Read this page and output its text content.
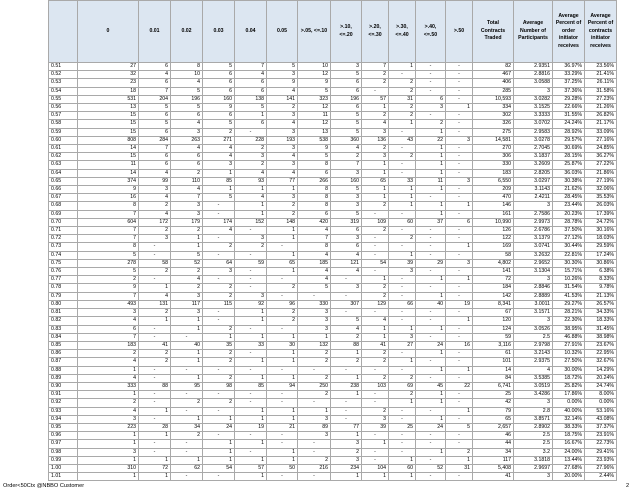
	0	0.01	0.02	0.03	0.04	0.05	>.05, <=.10	>.10, <=.20	>.20, <=.30	>.30, <=.40	>.40, <=.50	>.50	Total Contracts Traded	Average Number of Participants	Average Percent of order initiator receives	Average Percent of contracts initiator receives
0.51	27	6	8	5	7	5	10	3	7	1	-	-	82	2.9351	36.97%	23.56%
0.52	32	4	10	6	4	3	12	5	2	-	-	-	467	2.8816	33.29%	21.41%
0.53	23	6	4	6	6	9	9	6	2	2	-	-	406	3.0588	37.25%	26.11%
0.54	18	7	5	6	6	4	5	6	-	2	-	-	285	3	37.36%	31.58%
0.55	531	204	196	160	138	141	323	196	57	31	6	-	10,593	3.0282	29.28%	27.23%
0.56	13	5	5	9	5	2	12	6	1	2	3	1	334	3.1525	22.66%	21.26%
0.57	15	6	6	6	1	3	11	5	2	2	-	-	302	3.3333	31.55%	26.82%
0.58	15	5	4	5	6	4	12	5	4	1	2	-	326	3.0702	24.24%	21.17%
0.59	15	6	3	2	-	3	13	5	3	-	1	-	275	2.9583	28.92%	33.09%
0.60	808	284	263	271	228	193	538	360	136	43	22	3	14,581	3.0278	29.57%	27.16%
0.61	14	7	4	4	2	3	9	4	2	-	1	-	270	2.7045	30.69%	24.85%
0.62	15	6	6	4	3	4	5	2	3	2	1	-	306	3.1837	28.15%	36.27%
0.63	11	6	6	3	2	3	8	7	1	-	1	-	330	3.2609	25.87%	27.22%
0.64	14	4	2	1	4	4	6	3	1	-	1	-	183	2.8205	36.03%	21.86%
0.65	374	99	110	85	93	77	266	160	65	33	11	3	6,550	3.0297	30.38%	27.19%
0.66	9	3	4	1	1	1	8	5	1	1	1	-	209	3.1143	21.62%	32.06%
0.67	16	4	7	5	4	3	8	3	1	1	-	-	470	2.4211	28.45%	35.53%
0.68	8	2	3	-	1	2	8	3	2	1	1	1	146	3	23.44%	26.03%
0.69	7	4	3	-	1	2	6	5	-	-	1	-	161	2.7586	20.23%	17.39%
0.70	604	172	179	174	152	148	420	319	109	60	37	6	10,990	2.9973	28.78%	24.72%
0.71	7	2	2	4	-	1	4	6	2	-	-	-	126	2.6786	37.50%	30.16%
0.72	7	3	1	-	3	1	7	3	-	2	-	-	122	3.1379	27.12%	18.03%
0.73	8	-	1	2	2	-	8	6	-	-	-	1	169	3.0741	30.44%	29.59%
0.74	5	-	5	-	-	1	4	4	-	1	-	-	58	3.2632	22.81%	17.24%
0.75	278	58	52	64	59	65	185	121	54	39	29	3	4,802	2.9652	30.30%	30.86%
0.76	5	2	2	3	-	1	4	4	-	3	-	-	141	3.1304	15.71%	6.38%
0.77	2	-	4	-	-	-	4	-	1	-	1	1	72	3	10.26%	8.33%
0.78	9	1	2	2	-	2	5	3	2	-	-	-	184	2.8846	31.54%	9.78%
0.79	7	4	3	2	3	-	-	-	2	-	1	-	142	2.8889	41.53%	21.13%
0.80	493	131	117	115	92	96	330	307	129	66	40	19	8,341	3.0011	29.27%	26.57%
0.81	3	2	3	-	1	2	3	-	-	-	-	-	67	3.1571	28.21%	34.33%
0.82	4	1	1	-	1	2	3	5	4	-	-	1	120	3	22.30%	18.33%
0.83	6	-	1	2	-	-	3	4	1	1	1	-	124	3.0526	38.95%	31.45%
0.84	7	-	-	1	1	1	1	2	1	3	-	-	59	2.5	46.88%	38.98%
0.85	183	41	40	35	33	30	132	88	41	27	24	16	3,116	2.9798	27.91%	23.67%
0.86	2	2	1	2	-	1	2	1	2	-	1	-	61	3.2143	10.32%	22.95%
0.87	4	2	1	2	1	1	2	2	2	1	-	-	101	2.9375	27.50%	32.67%
0.88	1	-	-	-	-	-	-	-	-	-	1	1	14	4	30.00%	14.29%
0.89	4	-	1	2	1	1	2	1	2	2	-	-	84	3.5385	18.72%	20.24%
0.90	333	88	95	98	85	94	250	238	103	69	45	22	6,741	3.0519	25.82%	24.74%
0.91	1	-	-	-	-	-	2	1	-	2	1	-	25	3.4286	17.86%	8.00%
0.92	2	-	2	2	-	-	-	-	-	1	1	-	42	3	0.00%	0.00%
0.93	4	1	-	-	1	1	1	-	2	-	-	1	79	2.8	40.00%	53.16%
0.94	3	-	1	1	1	1	3	-	3	-	1	-	65	3.8571	32.14%	43.08%
0.95	223	28	34	24	19	21	89	77	39	25	24	5	2,657	2.8902	38.33%	37.37%
0.96	1	1	2	-	-	-	3	1	-	-	-	-	46	2.5	18.75%	23.91%
0.97	1	-	-	1	1	-	-	3	1	-	-	-	44	2.5	16.67%	22.73%
0.98	3	-	-	1	-	1	-	2	-	-	1	2	34	3.2	24.00%	29.41%
0.99	1	1	1	1	1	1	2	3	-	1	-	1	117	3.1818	13.44%	23.93%
1.00	310	72	62	54	57	50	216	234	104	60	52	31	5,408	2.9697	27.68%	27.96%
1.01	1	1	-	-	1	-	-	1	1	1	-	-	41	3	20.00%	2.44%
Order<50Ctx @NBBO Customer	2
